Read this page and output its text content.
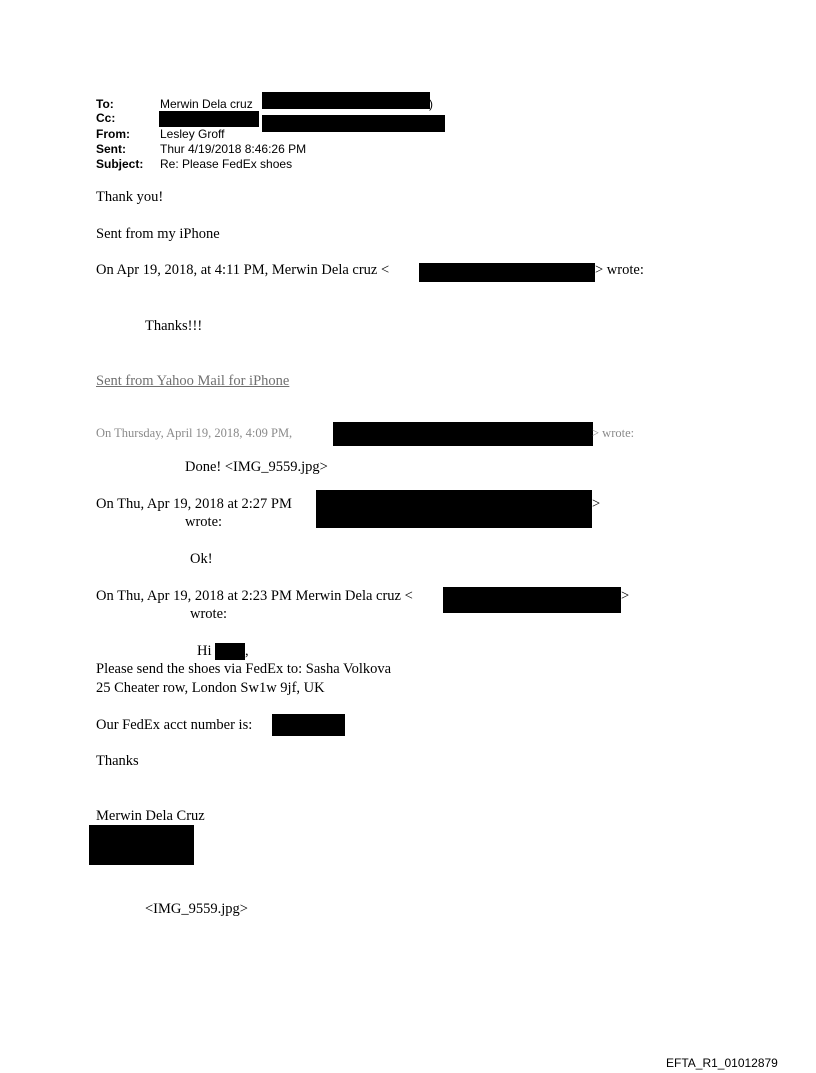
To:	Merwin Dela cruz	)
Cc:
From:	Lesley Groff
Sent:	Thur 4/19/2018 8:46:26 PM
Subject: Re: Please FedEx shoes
Thank you!
Sent from my iPhone
On Apr 19, 2018, at 4:11 PM, Merwin Dela cruz <	> wrote:
Thanks!!!
Sent from Yahoo Mail for iPhone
On Thursday, April 19, 2018, 4:09 PM,	> wrote:
Done! <IMG_9559.jpg>
On Thu, Apr 19, 2018 at 2:27 PM	>
wrote:
Ok!
On Thu, Apr 19, 2018 at 2:23 PM Merwin Dela cruz <	>
wrote:
Hi ,
Please send the shoes via FedEx to: Sasha Volkova
25 Cheater row, London Sw1w 9jf, UK
Our FedEx acct number is:
Thanks
Merwin Dela Cruz
<IMG_9559.jpg>
EFTA_R1_01012879
